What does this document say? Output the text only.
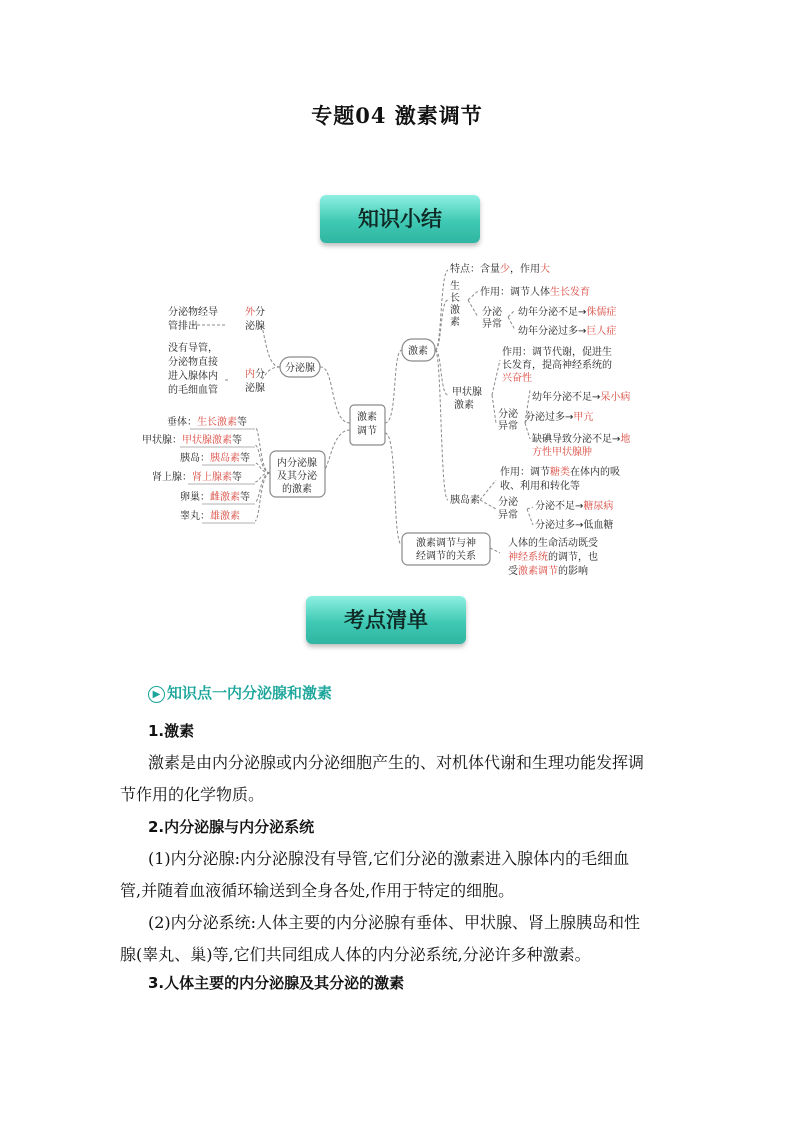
专题04 激素调节
知识小结
激素
调节
分泌腺
分泌物经导
管排出
外 分
泌腺
没有导管，
分泌物直接
进入腺体内
的毛细血管
内 分
泌腺
内分泌腺
及其分泌
的激素
垂体：生长激素等
甲状腺：甲状腺激素等
胰岛：胰岛素等
肾上腺：肾上腺素等
卵巢：雌激素等
睾丸：雄激素
激素
特点：含量少，作用大
生
长
激
素
作用：调节人体生长发育
分泌
异常
幼年分泌不足→侏儒症
幼年分泌过多→巨人症
甲状腺
激素
作用：调节代谢，促进生
长发育，提高神经系统的
兴奋性
分泌
异常
幼年分泌不足→呆小病
分泌过多→甲亢
缺碘导致分泌不足→地
方性甲状腺肿
胰岛素
作用：调节糖类在体内的吸
收、利用和转化等
分泌
异常
分泌不足→糖尿病
分泌过多→低血糖
激素调节与神
经调节的关系
人体的生命活动既受
神经系统的调节，也
受激素调节的影响
考点清单
▶ 知识点一内分泌腺和激素
1.激素
激素是由内分泌腺或内分泌细胞产生的、对机体代谢和生理功能发挥调
节作用的化学物质。
2.内分泌腺与内分泌系统
(1)内分泌腺:内分泌腺没有导管,它们分泌的激素进入腺体内的毛细血
管,并随着血液循环输送到全身各处,作用于特定的细胞。
(2)内分泌系统:人体主要的内分泌腺有垂体、甲状腺、肾上腺胰岛和性
腺(睾丸、巢)等,它们共同组成人体的内分泌系统,分泌许多种激素。
3.人体主要的内分泌腺及其分泌的激素
